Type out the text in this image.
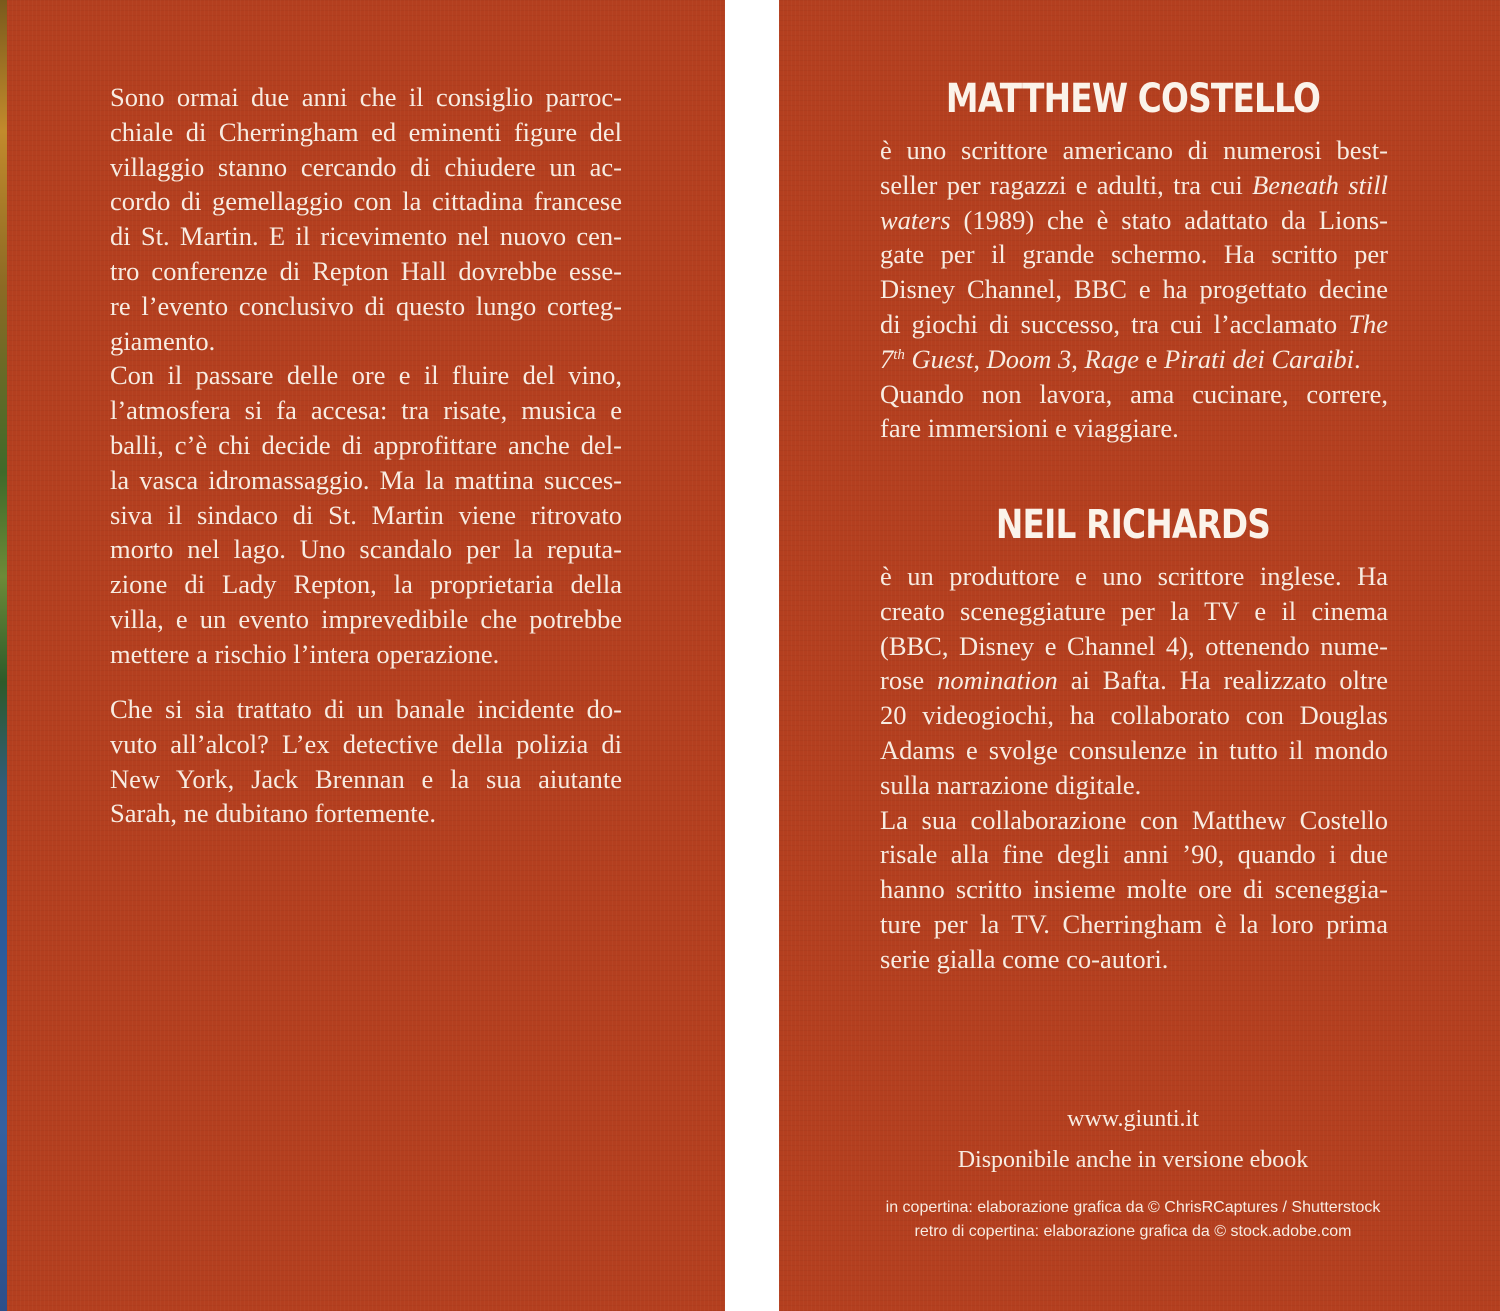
Sono ormai due anni che il consiglio parroc-
chiale di Cherringham ed eminenti figure del
villaggio stanno cercando di chiudere un ac-
cordo di gemellaggio con la cittadina francese
di St. Martin. E il ricevimento nel nuovo cen-
tro conferenze di Repton Hall dovrebbe esse-
re l’evento conclusivo di questo lungo corteg-
giamento.
Con il passare delle ore e il fluire del vino,
l’atmosfera si fa accesa: tra risate, musica e
balli, c’è chi decide di approfittare anche del-
la vasca idromassaggio. Ma la mattina succes-
siva il sindaco di St. Martin viene ritrovato
morto nel lago. Uno scandalo per la reputa-
zione di Lady Repton, la proprietaria della
villa, e un evento imprevedibile che potrebbe
mettere a rischio l’intera operazione.
Che si sia trattato di un banale incidente do-
vuto all’alcol? L’ex detective della polizia di
New York, Jack Brennan e la sua aiutante
Sarah, ne dubitano fortemente.
MATTHEW COSTELLO
NEIL RICHARDS
è uno scrittore americano di numerosi best-
seller per ragazzi e adulti, tra cui Beneath still
waters (1989) che è stato adattato da Lions-
gate per il grande schermo. Ha scritto per
Disney Channel, BBC e ha progettato decine
di giochi di successo, tra cui l’acclamato The
7th Guest, Doom 3, Rage e Pirati dei Caraibi.
Quando non lavora, ama cucinare, correre,
fare immersioni e viaggiare.
è un produttore e uno scrittore inglese. Ha
creato sceneggiature per la TV e il cinema
(BBC, Disney e Channel 4), ottenendo nume-
rose nomination ai Bafta. Ha realizzato oltre
20 videogiochi, ha collaborato con Douglas
Adams e svolge consulenze in tutto il mondo
sulla narrazione digitale.
La sua collaborazione con Matthew Costello
risale alla fine degli anni ’90, quando i due
hanno scritto insieme molte ore di sceneggia-
ture per la TV. Cherringham è la loro prima
serie gialla come co-autori.
www.giunti.it
Disponibile anche in versione ebook
in copertina: elaborazione grafica da © ChrisRCaptures / Shutterstock
retro di copertina: elaborazione grafica da © stock.adobe.com
